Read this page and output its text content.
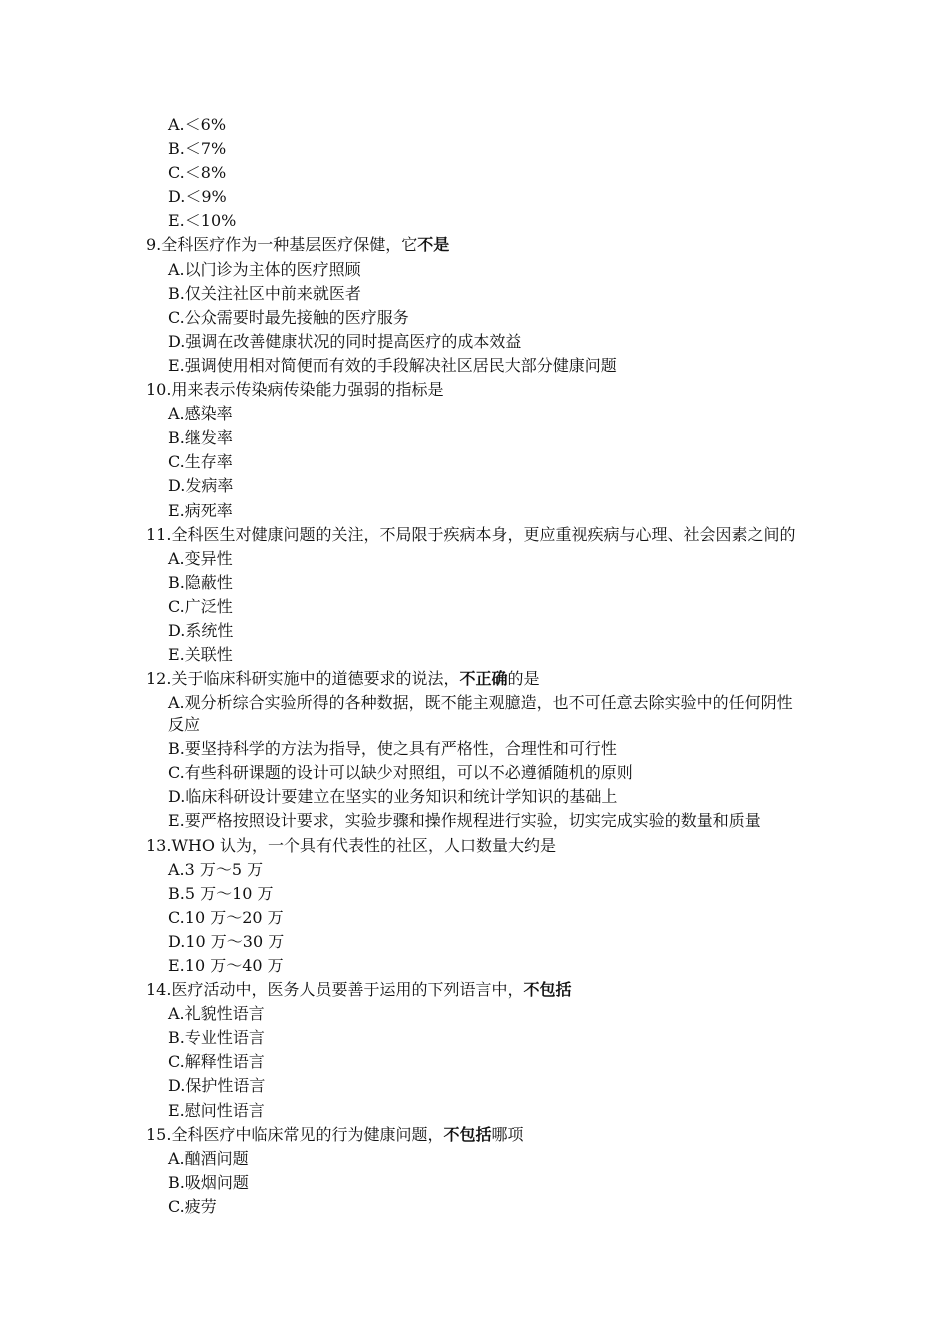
A.＜6%
B.＜7%
C.＜8%
D.＜9%
E.＜10%
9.全科医疗作为一种基层医疗保健，它不是
A.以门诊为主体的医疗照顾
B.仅关注社区中前来就医者
C.公众需要时最先接触的医疗服务
D.强调在改善健康状况的同时提高医疗的成本效益
E.强调使用相对简便而有效的手段解决社区居民大部分健康问题
10.用来表示传染病传染能力强弱的指标是
A.感染率
B.继发率
C.生存率
D.发病率
E.病死率
11.全科医生对健康问题的关注，不局限于疾病本身，更应重视疾病与心理、社会因素之间的
A.变异性
B.隐蔽性
C.广泛性
D.系统性
E.关联性
12.关于临床科研实施中的道德要求的说法，不正确的是
A.观分析综合实验所得的各种数据，既不能主观臆造，也不可任意去除实验中的任何阴性反应
B.要坚持科学的方法为指导，使之具有严格性，合理性和可行性
C.有些科研课题的设计可以缺少对照组，可以不必遵循随机的原则
D.临床科研设计要建立在坚实的业务知识和统计学知识的基础上
E.要严格按照设计要求，实验步骤和操作规程进行实验，切实完成实验的数量和质量
13.WHO 认为，一个具有代表性的社区，人口数量大约是
A.3 万～5 万
B.5 万～10 万
C.10 万～20 万
D.10 万～30 万
E.10 万～40 万
14.医疗活动中，医务人员要善于运用的下列语言中，不包括
A.礼貌性语言
B.专业性语言
C.解释性语言
D.保护性语言
E.慰问性语言
15.全科医疗中临床常见的行为健康问题，不包括哪项
A.酗酒问题
B.吸烟问题
C.疲劳
